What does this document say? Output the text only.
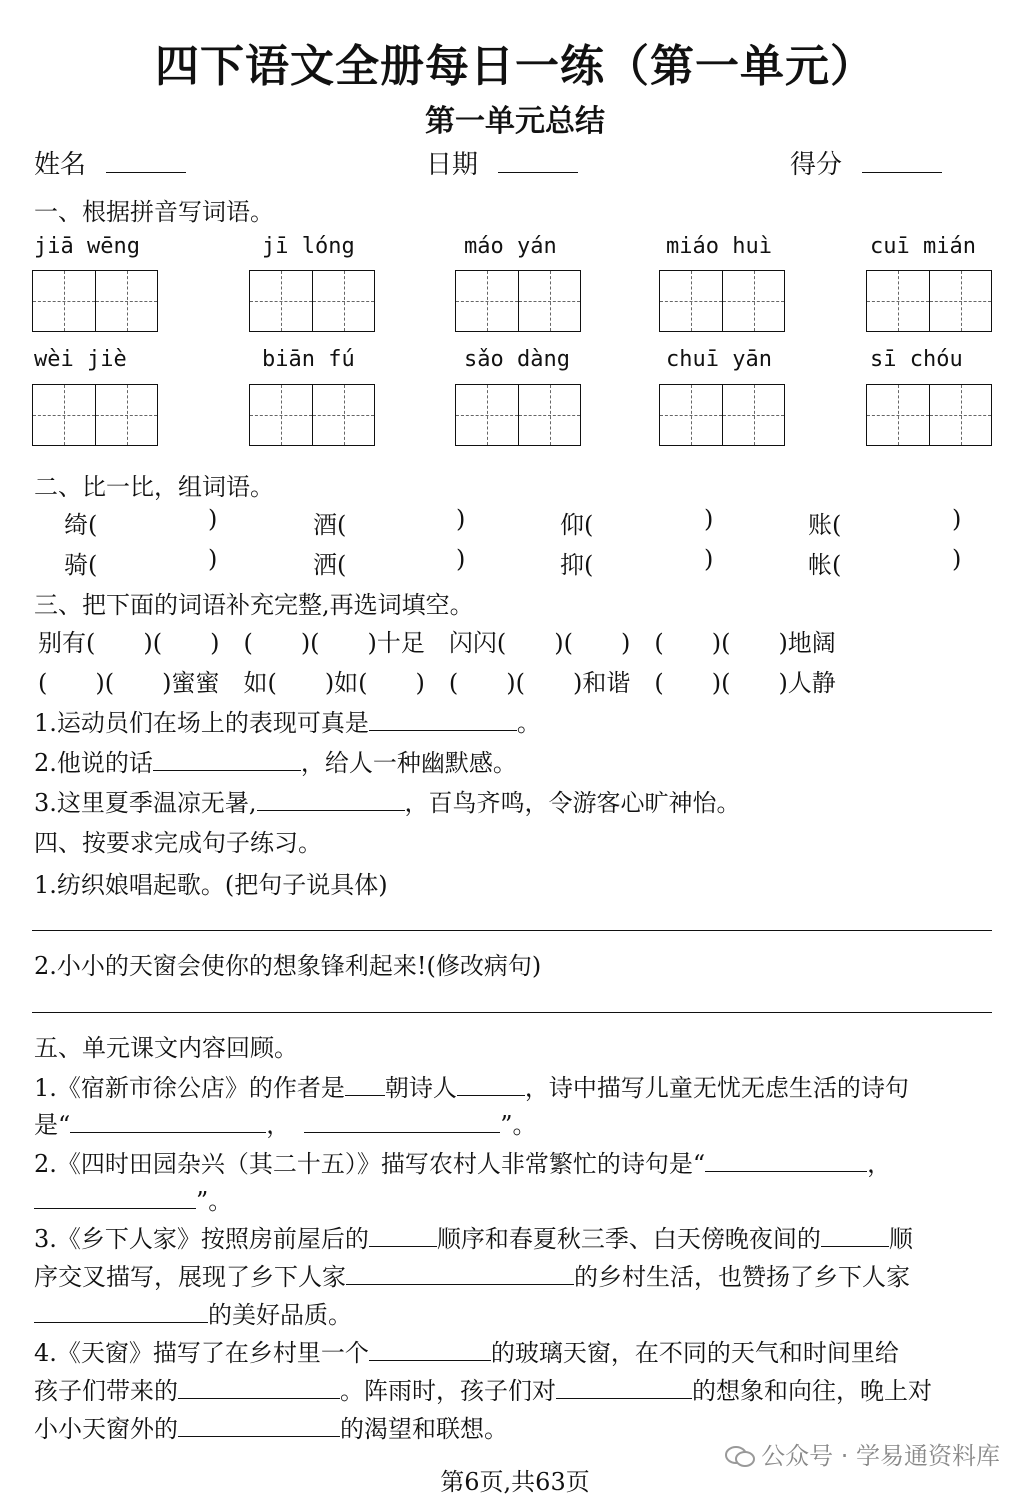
四下语文全册每日一练（第一单元）
第一单元总结
姓名	日期	得分
一、根据拼音写词语。
jiā wēng	jī lóng	máo yán	miáo huì	cuī mián
wèi jiè	biān fú	sǎo dàng	chuī yān	sī chóu
二、比一比，组词语。
绮(	)	酒(	)	仰(	)	账(	)
骑(	)	洒(	)	抑(	)	帐(	)
三、把下面的词语补充完整,再选词填空。
别有(　　)(　　)　(　　)(　　)十足　闪闪(　　)(　　)　(　　)(　　)地阔
(　　)(　　)蜜蜜　如(　　)如(　　)　(　　)(　　)和谐　(　　)(　　)人静
1.运动员们在场上的表现可真是	。
2.他说的话	，给人一种幽默感。
3.这里夏季温凉无暑,	，百鸟齐鸣，令游客心旷神怡。
四、按要求完成句子练习。
1.纺织娘唱起歌。(把句子说具体)
2.小小的天窗会使你的想象锋利起来!(修改病句)
五、单元课文内容回顾。
1.《宿新市徐公店》的作者是 朝诗人	，诗中描写儿童无忧无虑生活的诗句
是“	，	”。
2.《四时田园杂兴（其二十五）》描写农村人非常繁忙的诗句是“	，
”。
3.《乡下人家》按照房前屋后的	顺序和春夏秋三季、白天傍晚夜间的	顺
序交叉描写，展现了乡下人家	的乡村生活，也赞扬了乡下人家
的美好品质。
4.《天窗》描写了在乡村里一个	的玻璃天窗，在不同的天气和时间里给
孩子们带来的	。阵雨时，孩子们对	的想象和向往，晚上对
小小天窗外的	的渴望和联想。
公众号 · 学易通资料库
第6页,共63页
